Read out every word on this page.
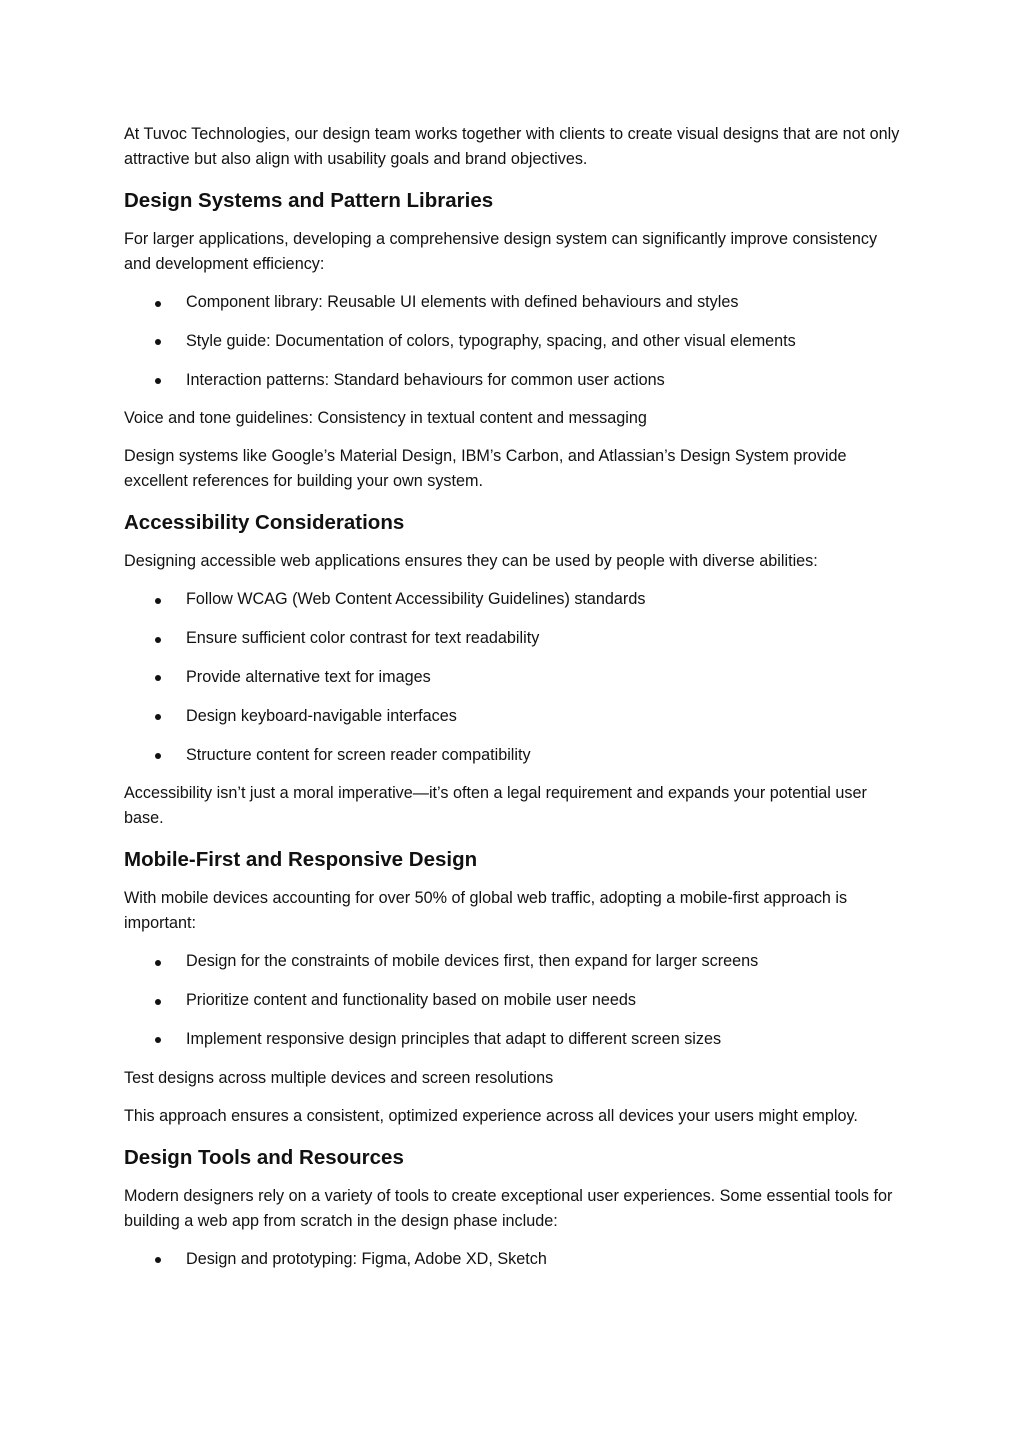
At Tuvoc Technologies, our design team works together with clients to create visual designs that are not only attractive but also align with usability goals and brand objectives.

Design Systems and Pattern Libraries

For larger applications, developing a comprehensive design system can significantly improve consistency and development efficiency:

Component library: Reusable UI elements with defined behaviours and styles
Style guide: Documentation of colors, typography, spacing, and other visual elements
Interaction patterns: Standard behaviours for common user actions

Voice and tone guidelines: Consistency in textual content and messaging

Design systems like Google’s Material Design, IBM’s Carbon, and Atlassian’s Design System provide excellent references for building your own system.

Accessibility Considerations

Designing accessible web applications ensures they can be used by people with diverse abilities:

Follow WCAG (Web Content Accessibility Guidelines) standards
Ensure sufficient color contrast for text readability
Provide alternative text for images
Design keyboard-navigable interfaces
Structure content for screen reader compatibility

Accessibility isn’t just a moral imperative—it’s often a legal requirement and expands your potential user base.

Mobile-First and Responsive Design

With mobile devices accounting for over 50% of global web traffic, adopting a mobile-first approach is important:

Design for the constraints of mobile devices first, then expand for larger screens
Prioritize content and functionality based on mobile user needs
Implement responsive design principles that adapt to different screen sizes

Test designs across multiple devices and screen resolutions

This approach ensures a consistent, optimized experience across all devices your users might employ.

Design Tools and Resources

Modern designers rely on a variety of tools to create exceptional user experiences. Some essential tools for building a web app from scratch in the design phase include:

Design and prototyping: Figma, Adobe XD, Sketch
